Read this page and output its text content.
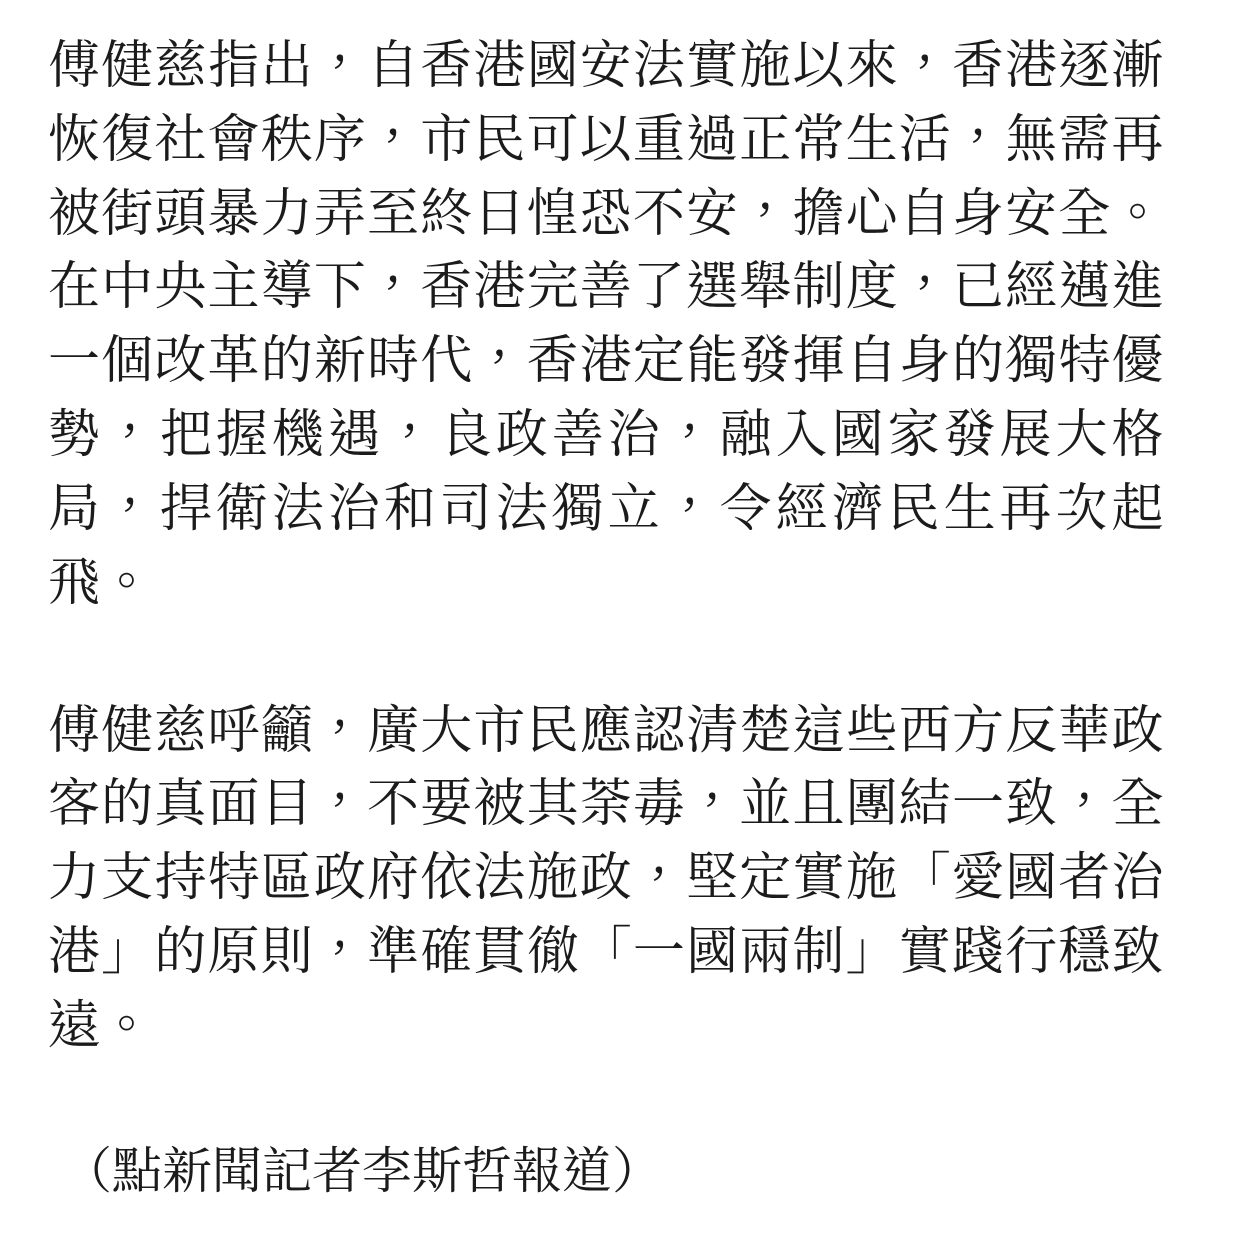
傅健慈指出，自香港國安法實施以來，香港逐漸恢復社會秩序，市民可以重過正常生活，無需再被街頭暴力弄至終日惶恐不安，擔心自身安全。在中央主導下，香港完善了選舉制度，已經邁進一個改革的新時代，香港定能發揮自身的獨特優勢，把握機遇，良政善治，融入國家發展大格局，捍衛法治和司法獨立，令經濟民生再次起飛。

傅健慈呼籲，廣大市民應認清楚這些西方反華政客的真面目，不要被其荼毒，並且團結一致，全力支持特區政府依法施政，堅定實施「愛國者治港」的原則，準確貫徹「一國兩制」實踐行穩致遠。

（點新聞記者李斯哲報道）
